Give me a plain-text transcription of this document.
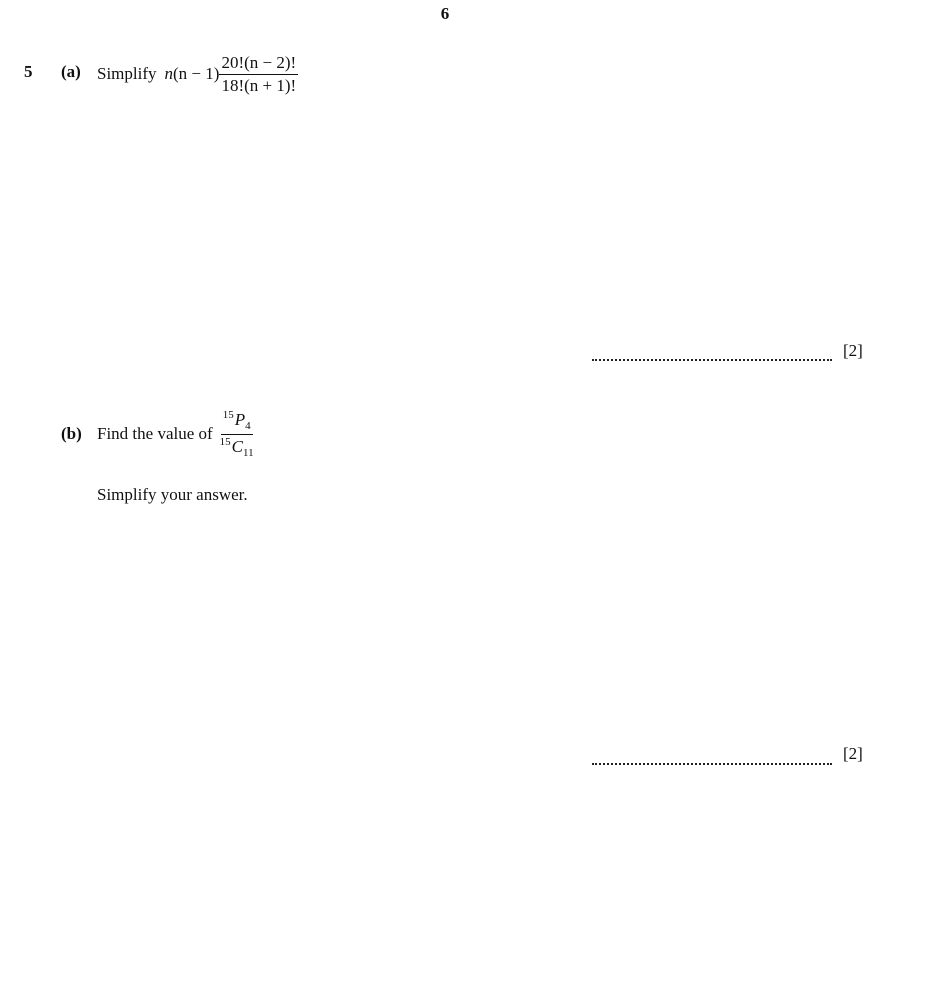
6
5 (a) Simplify n $(n - 1) \frac{20!(n - 2)!}{18!(n + 1)!}$
[2]
(b) Find the value of $\frac{^{15}P_4}{^{15}C_{11}}$
Simplify your answer.
[2]
